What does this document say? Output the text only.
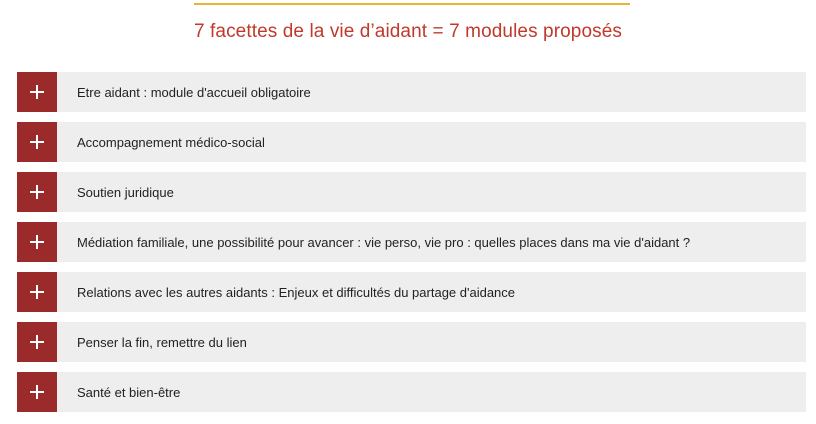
7 facettes de la vie d’aidant = 7 modules proposés
Etre aidant : module d'accueil obligatoire
Accompagnement médico-social
Soutien juridique
Médiation familiale, une possibilité pour avancer : vie perso, vie pro : quelles places dans ma vie d'aidant ?
Relations avec les autres aidants : Enjeux et difficultés du partage d'aidance
Penser la fin, remettre du lien
Santé et bien-être
